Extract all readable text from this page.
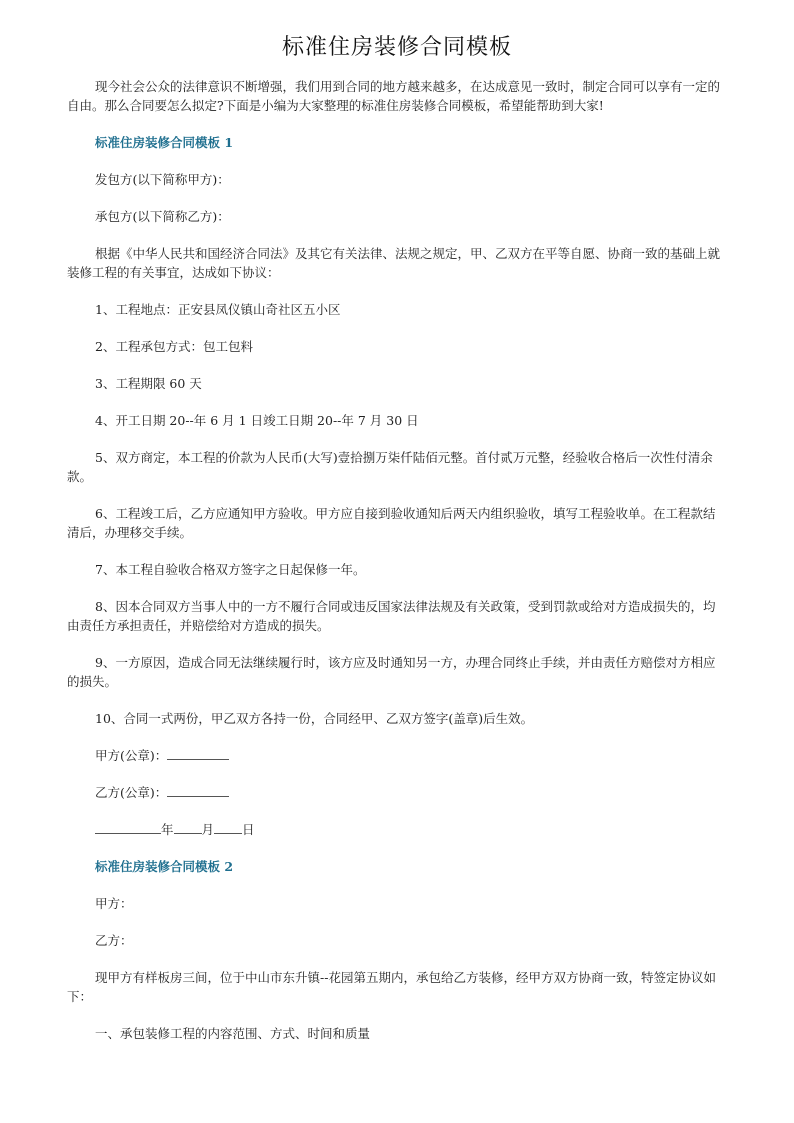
标准住房装修合同模板

现今社会公众的法律意识不断增强，我们用到合同的地方越来越多，在达成意见一致时，制定合同可以享有一定的自由。那么合同要怎么拟定?下面是小编为大家整理的标准住房装修合同模板，希望能帮助到大家!

标准住房装修合同模板 1

发包方(以下简称甲方)：

承包方(以下简称乙方)：

根据《中华人民共和国经济合同法》及其它有关法律、法规之规定，甲、乙双方在平等自愿、协商一致的基础上就装修工程的有关事宜，达成如下协议：

1、工程地点：正安县凤仪镇山奇社区五小区

2、工程承包方式：包工包料

3、工程期限 60 天

4、开工日期 20--年 6 月 1 日竣工日期 20--年 7 月 30 日

5、双方商定，本工程的价款为人民币(大写)壹拾捌万柒仟陆佰元整。首付贰万元整，经验收合格后一次性付清余款。

6、工程竣工后，乙方应通知甲方验收。甲方应自接到验收通知后两天内组织验收，填写工程验收单。在工程款结清后，办理移交手续。

7、本工程自验收合格双方签字之日起保修一年。

8、因本合同双方当事人中的一方不履行合同或违反国家法律法规及有关政策，受到罚款或给对方造成损失的，均由责任方承担责任，并赔偿给对方造成的损失。

9、一方原因，造成合同无法继续履行时，该方应及时通知另一方，办理合同终止手续，并由责任方赔偿对方相应的损失。

10、合同一式两份，甲乙双方各持一份，合同经甲、乙双方签字(盖章)后生效。

甲方(公章)：

乙方(公章)：

年 月 日

标准住房装修合同模板 2

甲方：

乙方：

现甲方有样板房三间，位于中山市东升镇--花园第五期内，承包给乙方装修，经甲方双方协商一致，特签定协议如下：

一、承包装修工程的内容范围、方式、时间和质量
